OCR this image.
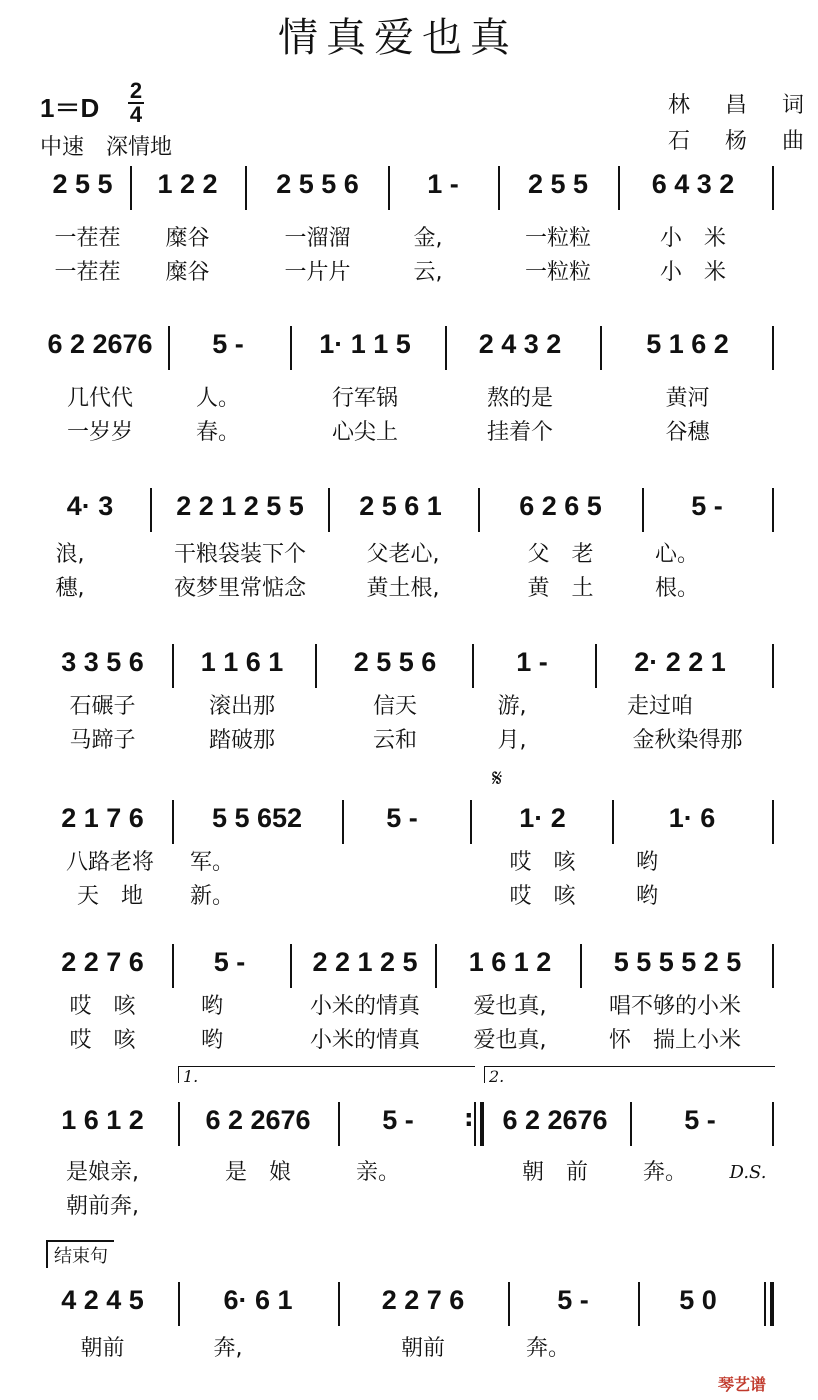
情真爱也真
1＝D
2
4
中速　深情地
林 昌 词
石 杨 曲
2 5 5	1 2 2	2 5 5 6	1 -	2 5 5	6 4 3 2
一茬茬	糜谷	一溜溜	金,	一粒粒	小　米
一茬茬	糜谷	一片片	云,	一粒粒	小　米
6 2 2676	5 -	1· 1 1 5	2 4 3 2	5 1 6 2
几代代	人。	行军锅	熬的是	黄河
一岁岁	春。	心尖上	挂着个	谷穗
4· 3	2 2 1 2 5 5	2 5 6 1	6 2 6 5	5 -
浪,	干粮袋装下个	父老心,	父　老	心。
穗,	夜梦里常惦念	黄土根,	黄　土	根。
3 3 5 6	1 1 6 1	2 5 5 6	1 -	2· 2 2 1
石碾子	滚出那	信天	游,	走过咱
马蹄子	踏破那	云和	月,	金秋染得那
𝄋
2 1 7 6	5 5 652	5 -	1· 2	1· 6
八路老将	军。	哎　咳	哟
天　地	新。	哎　咳	哟
2 2 7 6	5 -	2 2 1 2 5	1 6 1 2	5 5 5 5 2 5
哎　咳	哟	小米的情真	爱也真,	唱不够的小米
哎　咳	哟	小米的情真	爱也真,	怀　揣上小米
1.	2.
1 6 1 2	6 2 2676	5 -	:	6 2 2676	5 -
是娘亲,	是　娘	亲。	朝　前	奔。	D.S.
朝前奔,
结束句
4 2 4 5	6· 6 1	2 2 7 6	5 -	5 0
朝前	奔,	朝前	奔。
琴艺谱
